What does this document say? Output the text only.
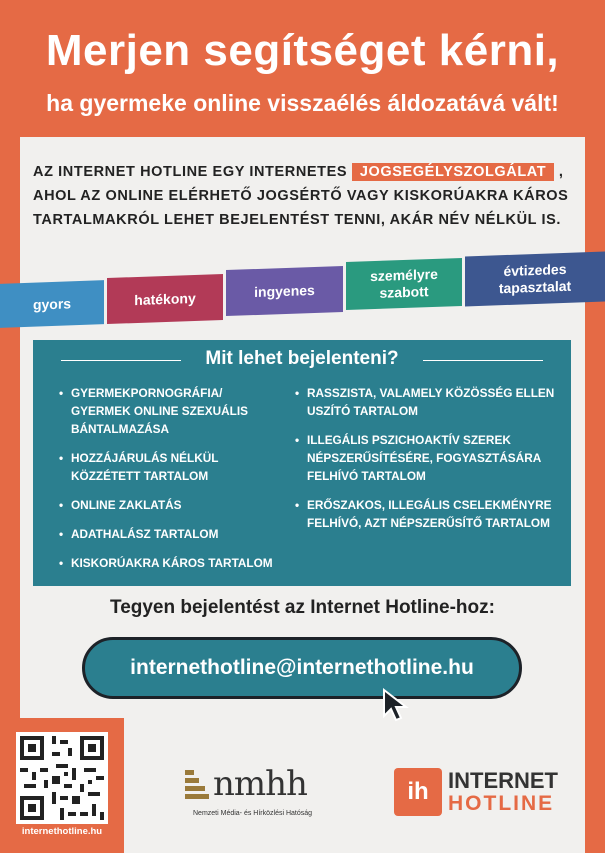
Merjen segítséget kérni,
ha gyermeke online visszaélés áldozatává vált!
AZ INTERNET HOTLINE EGY INTERNETES JOGSEGÉLYSZOLGÁLAT , AHOL AZ ONLINE ELÉRHETŐ JOGSÉRTŐ VAGY KISKORÚAKRA KÁROS TARTALMAKRÓL LEHET BEJELENTÉST TENNI, AKÁR NÉV NÉLKÜL IS.
gyors	hatékony	ingyenes
személyre szabott
évtizedes tapasztalat
Mit lehet bejelenteni?
• GYERMEKPORNOGRÁFIA/ GYERMEK ONLINE SZEXUÁLIS BÁNTALMAZÁSA
• HOZZÁJÁRULÁS NÉLKÜL KÖZZÉTETT TARTALOM
• ONLINE ZAKLATÁS
• ADATHALÁSZ TARTALOM
• KISKORÚAKRA KÁROS TARTALOM
• RASSZISTA, VALAMELY KÖZÖSSÉG ELLEN USZÍTÓ TARTALOM
• ILLEGÁLIS PSZICHOAKTÍV SZEREK NÉPSZERŰSÍTÉSÉRE, FOGYASZTÁSÁRA FELHÍVÓ TARTALOM
• ERŐSZAKOS, ILLEGÁLIS CSELEKMÉNYRE FELHÍVÓ, AZT NÉPSZERŰSÍTŐ TARTALOM
Tegyen bejelentést az Internet Hotline-hoz:
internethotline@internethotline.hu
internethotline.hu
nmhh
Nemzeti Média- és Hírközlési Hatóság
ih INTERNET
HOTLINE
